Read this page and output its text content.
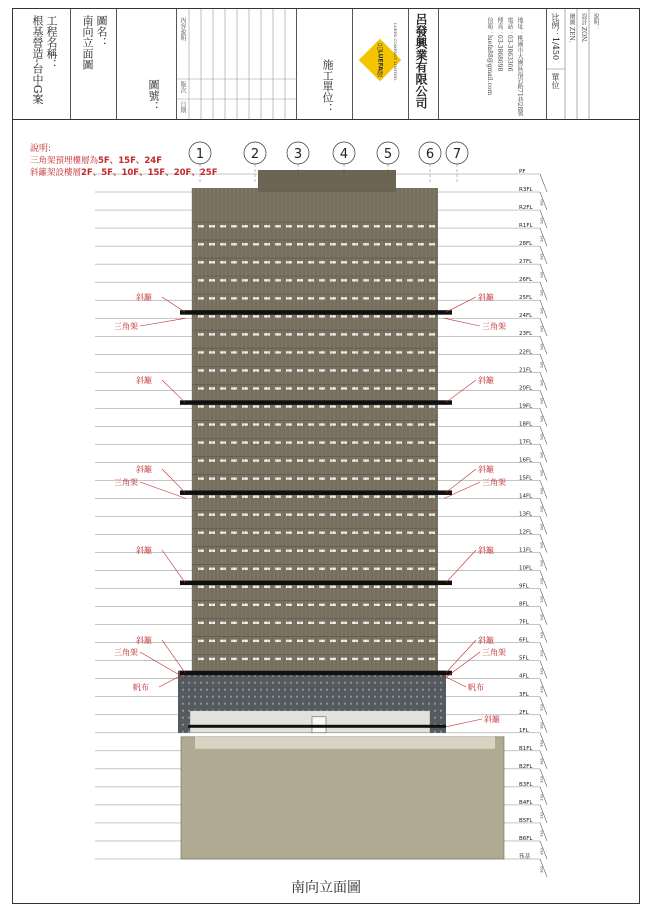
工程名稱：
根基營造-台中G案	圖名：
南向立面圖
圖號：	版次
日期
內容說明
施工單位：
呂
LUEFA
發 LUEFA COMPANY LIMITED. 呂發興業有限公司	地址：桃園市大園區福岩路71巷28號
電話：03-3863306
傳真：03-3868098
信箱：luefa88@gmail.com	比例：1/450
單位
繪圖 ZEN. 設計 ZON. 說明：
南向立面圖
PF
R3FL
300
R2FL
345
R1FL
345
28FL
345
27FL
345
26FL
345
25FL
345
24FL
345
23FL
345
22FL
345
21FL
345
20FL
345
19FL
345
18FL
345
17FL
345
16FL
345
15FL
345
14FL
345
13FL
345
12FL
345
11FL
345
10FL
345
9FL
345
8FL
345
7FL
345
6FL
345
5FL
345
4FL
450
3FL
520
2FL
580
1FL
590
B1FL
395
B2FL
330
B3FL
330
B4FL
330
B5FL
330
B6FL
450
筏基
300
1	2	3	4	5	6 7
斜籬	斜籬
斜籬	斜籬
斜籬	斜籬
斜籬	斜籬
斜籬	斜籬
三角架	三角架
三角架	三角架
三角架	三角架
帆布	帆布
斜籬
說明:
三角架預埋樓層為5F、15F、24F
斜籬架設樓層2F、5F、10F、15F、20F、25F
